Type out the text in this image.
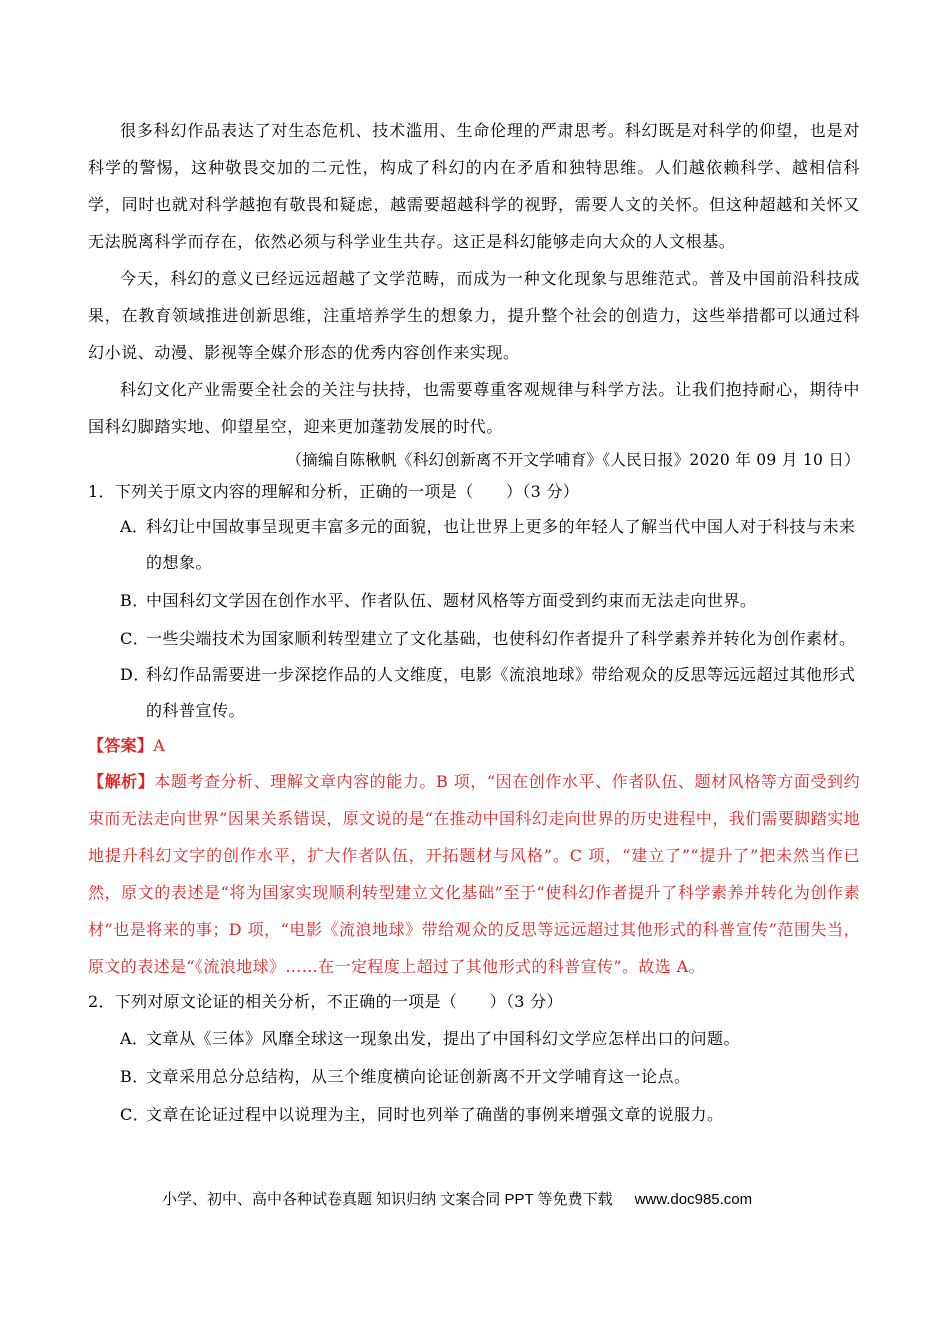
很多科幻作品表达了对生态危机、技术滥用、生命伦理的严肃思考。科幻既是对科学的仰望，也是对科学的警惕，这种敬畏交加的二元性，构成了科幻的内在矛盾和独特思维。人们越依赖科学、越相信科学，同时也就对科学越抱有敬畏和疑虑，越需要超越科学的视野，需要人文的关怀。但这种超越和关怀又无法脱离科学而存在，依然必须与科学业生共存。这正是科幻能够走向大众的人文根基。

今天，科幻的意义已经远远超越了文学范畴，而成为一种文化现象与思维范式。普及中国前沿科技成果，在教育领域推进创新思维，注重培养学生的想象力，提升整个社会的创造力，这些举措都可以通过科幻小说、动漫、影视等全媒介形态的优秀内容创作来实现。

科幻文化产业需要全社会的关注与扶持，也需要尊重客观规律与科学方法。让我们抱持耐心，期待中国科幻脚踏实地、仰望星空，迎来更加蓬勃发展的时代。

（摘编自陈楸帆《科幻创新离不开文学哺育》《人民日报》2020 年 09 月 10 日）

1．下列关于原文内容的理解和分析，正确的一项是（　　）（3 分）

A．科幻让中国故事呈现更丰富多元的面貌，也让世界上更多的年轻人了解当代中国人对于科技与未来的想象。

B．中国科幻文学因在创作水平、作者队伍、题材风格等方面受到约束而无法走向世界。

C．一些尖端技术为国家顺利转型建立了文化基础，也使科幻作者提升了科学素养并转化为创作素材。

D．科幻作品需要进一步深挖作品的人文维度，电影《流浪地球》带给观众的反思等远远超过其他形式的科普宣传。

【答案】A

【解析】本题考查分析、理解文章内容的能力。B 项，“因在创作水平、作者队伍、题材风格等方面受到约束而无法走向世界”因果关系错误，原文说的是“在推动中国科幻走向世界的历史进程中，我们需要脚踏实地地提升科幻文字的创作水平，扩大作者队伍，开拓题材与风格”。C 项，“建立了”“提升了”把未然当作已然，原文的表述是“将为国家实现顺利转型建立文化基础”至于“使科幻作者提升了科学素养并转化为创作素材”也是将来的事；D 项，“电影《流浪地球》带给观众的反思等远远超过其他形式的科普宣传”范围失当，原文的表述是“《流浪地球》……在一定程度上超过了其他形式的科普宣传”。故选 A。

2．下列对原文论证的相关分析，不正确的一项是（　　）（3 分）

A．文章从《三体》风靡全球这一现象出发，提出了中国科幻文学应怎样出口的问题。

B．文章采用总分总结构，从三个维度横向论证创新离不开文学哺育这一论点。

C．文章在论证过程中以说理为主，同时也列举了确凿的事例来增强文章的说服力。

小学、初中、高中各种试卷真题 知识归纳 文案合同 PPT 等免费下载 www.doc985.com
